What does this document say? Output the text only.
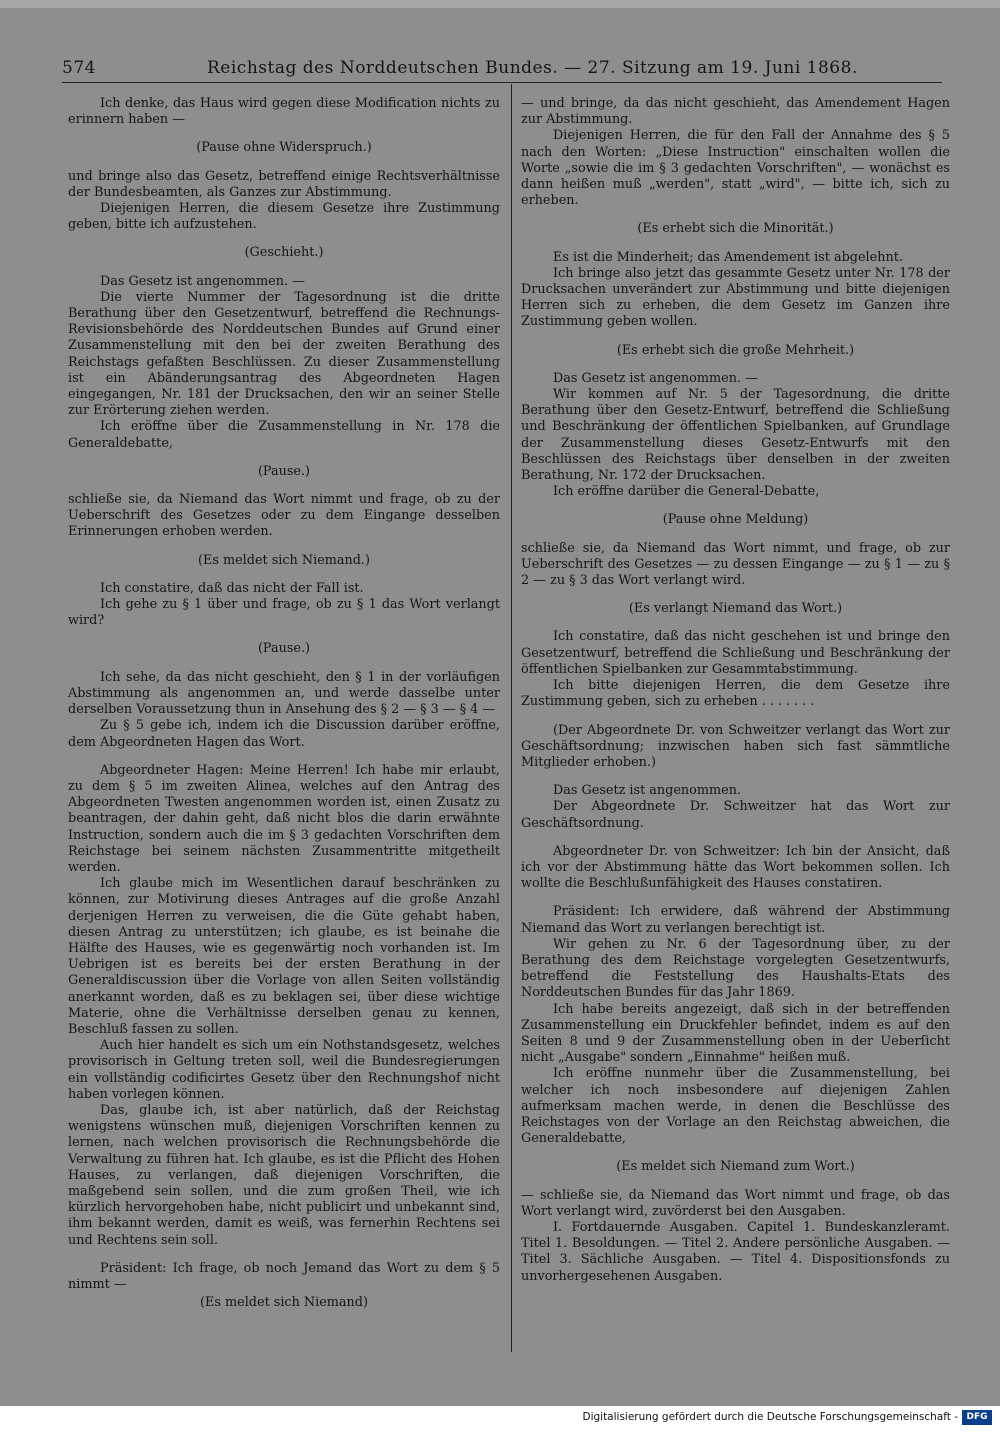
574	Reichstag des Norddeutschen Bundes. — 27. Sitzung am 19. Juni 1868.

Ich denke, das Haus wird gegen diese Modification nichts zu erinnern haben —

(Pause ohne Widerspruch.)

und bringe also das Gesetz, betreffend einige Rechtsverhältnisse der Bundesbeamten, als Ganzes zur Abstimmung.

Diejenigen Herren, die diesem Gesetze ihre Zustimmung geben, bitte ich aufzustehen.

(Geschieht.)

Das Gesetz ist angenommen. —

Die vierte Nummer der Tagesordnung ist die dritte Berathung über den Gesetzentwurf, betreffend die Rechnungs-Revisionsbehörde des Norddeutschen Bundes auf Grund einer Zusammenstellung mit den bei der zweiten Berathung des Reichstags gefaßten Beschlüssen. Zu dieser Zusammenstellung ist ein Abänderungsantrag des Abgeordneten Hagen eingegangen, Nr. 181 der Drucksachen, den wir an seiner Stelle zur Erörterung ziehen werden.

Ich eröffne über die Zusammenstellung in Nr. 178 die Generaldebatte,

(Pause.)

schließe sie, da Niemand das Wort nimmt und frage, ob zu der Ueberschrift des Gesetzes oder zu dem Eingange desselben Erinnerungen erhoben werden.

(Es meldet sich Niemand.)

Ich constatire, daß das nicht der Fall ist.

Ich gehe zu § 1 über und frage, ob zu § 1 das Wort verlangt wird?

(Pause.)

Ich sehe, da das nicht geschieht, den § 1 in der vorläufigen Abstimmung als angenommen an, und werde dasselbe unter derselben Voraussetzung thun in Ansehung des § 2 — § 3 — § 4 —

Zu § 5 gebe ich, indem ich die Discussion darüber eröffne, dem Abgeordneten Hagen das Wort.

Abgeordneter Hagen: Meine Herren! Ich habe mir erlaubt, zu dem § 5 im zweiten Alinea, welches auf den Antrag des Abgeordneten Twesten angenommen worden ist, einen Zusatz zu beantragen, der dahin geht, daß nicht blos die darin erwähnte Instruction, sondern auch die im § 3 gedachten Vorschriften dem Reichstage bei seinem nächsten Zusammentritte mitgetheilt werden.

Ich glaube mich im Wesentlichen darauf beschränken zu können, zur Motivirung dieses Antrages auf die große Anzahl derjenigen Herren zu verweisen, die die Güte gehabt haben, diesen Antrag zu unterstützen; ich glaube, es ist beinahe die Hälfte des Hauses, wie es gegenwärtig noch vorhanden ist. Im Uebrigen ist es bereits bei der ersten Berathung in der Generaldiscussion über die Vorlage von allen Seiten vollständig anerkannt worden, daß es zu beklagen sei, über diese wichtige Materie, ohne die Verhältnisse derselben genau zu kennen, Beschluß fassen zu sollen.

Auch hier handelt es sich um ein Nothstandsgesetz, welches provisorisch in Geltung treten soll, weil die Bundesregierungen ein vollständig codificirtes Gesetz über den Rechnungshof nicht haben vorlegen können.

Das, glaube ich, ist aber natürlich, daß der Reichstag wenigstens wünschen muß, diejenigen Vorschriften kennen zu lernen, nach welchen provisorisch die Rechnungsbehörde die Verwaltung zu führen hat. Ich glaube, es ist die Pflicht des Hohen Hauses, zu verlangen, daß diejenigen Vorschriften, die maßgebend sein sollen, und die zum großen Theil, wie ich kürzlich hervorgehoben habe, nicht publicirt und unbekannt sind, ihm bekannt werden, damit es weiß, was fernerhin Rechtens sei und Rechtens sein soll.

Präsident: Ich frage, ob noch Jemand das Wort zu dem § 5 nimmt —

(Es meldet sich Niemand)

— und bringe, da das nicht geschieht, das Amendement Hagen zur Abstimmung.

Diejenigen Herren, die für den Fall der Annahme des § 5 nach den Worten: „Diese Instruction" einschalten wollen die Worte „sowie die im § 3 gedachten Vorschriften", — wonächst es dann heißen muß „werden", statt „wird", — bitte ich, sich zu erheben.

(Es erhebt sich die Minorität.)

Es ist die Minderheit; das Amendement ist abgelehnt.

Ich bringe also jetzt das gesammte Gesetz unter Nr. 178 der Drucksachen unverändert zur Abstimmung und bitte diejenigen Herren sich zu erheben, die dem Gesetz im Ganzen ihre Zustimmung geben wollen.

(Es erhebt sich die große Mehrheit.)

Das Gesetz ist angenommen. —

Wir kommen auf Nr. 5 der Tagesordnung, die dritte Berathung über den Gesetz-Entwurf, betreffend die Schließung und Beschränkung der öffentlichen Spielbanken, auf Grundlage der Zusammenstellung dieses Gesetz-Entwurfs mit den Beschlüssen des Reichstags über denselben in der zweiten Berathung, Nr. 172 der Drucksachen.

Ich eröffne darüber die General-Debatte,

(Pause ohne Meldung)

schließe sie, da Niemand das Wort nimmt, und frage, ob zur Ueberschrift des Gesetzes — zu dessen Eingange — zu § 1 — zu § 2 — zu § 3 das Wort verlangt wird.

(Es verlangt Niemand das Wort.)

Ich constatire, daß das nicht geschehen ist und bringe den Gesetzentwurf, betreffend die Schließung und Beschränkung der öffentlichen Spielbanken zur Gesammtabstimmung.

Ich bitte diejenigen Herren, die dem Gesetze ihre Zustimmung geben, sich zu erheben . . . . . . .

(Der Abgeordnete Dr. von Schweitzer verlangt das Wort zur Geschäftsordnung; inzwischen haben sich fast sämmtliche Mitglieder erhoben.)

Das Gesetz ist angenommen.

Der Abgeordnete Dr. Schweitzer hat das Wort zur Geschäftsordnung.

Abgeordneter Dr. von Schweitzer: Ich bin der Ansicht, daß ich vor der Abstimmung hätte das Wort bekommen sollen. Ich wollte die Beschlußunfähigkeit des Hauses constatiren.

Präsident: Ich erwidere, daß während der Abstimmung Niemand das Wort zu verlangen berechtigt ist.

Wir gehen zu Nr. 6 der Tagesordnung über, zu der Berathung des dem Reichstage vorgelegten Gesetzentwurfs, betreffend die Feststellung des Haushalts-Etats des Norddeutschen Bundes für das Jahr 1869.

Ich habe bereits angezeigt, daß sich in der betreffenden Zusammenstellung ein Druckfehler befindet, indem es auf den Seiten 8 und 9 der Zusammenstellung oben in der Ueberſicht nicht „Ausgabe" sondern „Einnahme" heißen muß.

Ich eröffne nunmehr über die Zusammenstellung, bei welcher ich noch insbesondere auf diejenigen Zahlen aufmerksam machen werde, in denen die Beschlüsse des Reichstages von der Vorlage an den Reichstag abweichen, die Generaldebatte,

(Es meldet sich Niemand zum Wort.)

— schließe sie, da Niemand das Wort nimmt und frage, ob das Wort verlangt wird, zuvörderst bei den Ausgaben.

I. Fortdauernde Ausgaben. Capitel 1. Bundeskanzleramt. Titel 1. Besoldungen. — Titel 2. Andere persönliche Ausgaben. — Titel 3. Sächliche Ausgaben. — Titel 4. Dispositionsfonds zu unvorhergesehenen Ausgaben.

Digitalisierung gefördert durch die Deutsche Forschungsgemeinschaft - DFG
